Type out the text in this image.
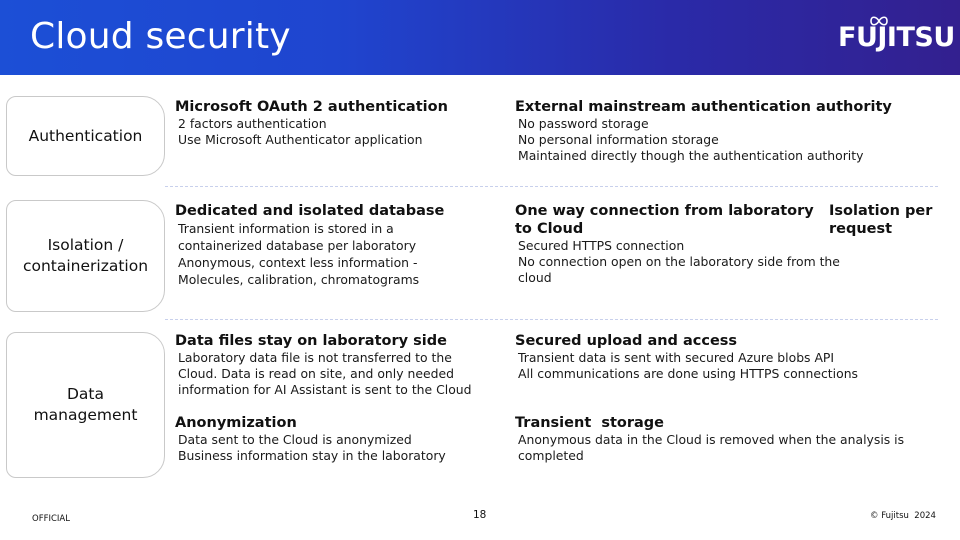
Cloud security	FUJITSU
Authentication
Microsoft OAuth 2 authentication
2 factors authentication
Use Microsoft Authenticator application
External mainstream authentication authority
No password storage
No personal information storage
Maintained directly though the authentication authority
Isolation /
containerization
Dedicated and isolated database
Transient information is stored in a
containerized database per laboratory
Anonymous, context less information -
Molecules, calibration, chromatograms
One way connection from laboratory
to Cloud
Secured HTTPS connection
No connection open on the laboratory side from the
cloud
Isolation per
request
Data
management
Data files stay on laboratory side
Laboratory data file is not transferred to the
Cloud. Data is read on site, and only needed
information for AI Assistant is sent to the Cloud
Secured upload and access
Transient data is sent with secured Azure blobs API
All communications are done using HTTPS connections
Anonymization
Data sent to the Cloud is anonymized
Business information stay in the laboratory
Transient  storage
Anonymous data in the Cloud is removed when the analysis is
completed
OFFICIAL	18	© Fujitsu  2024
